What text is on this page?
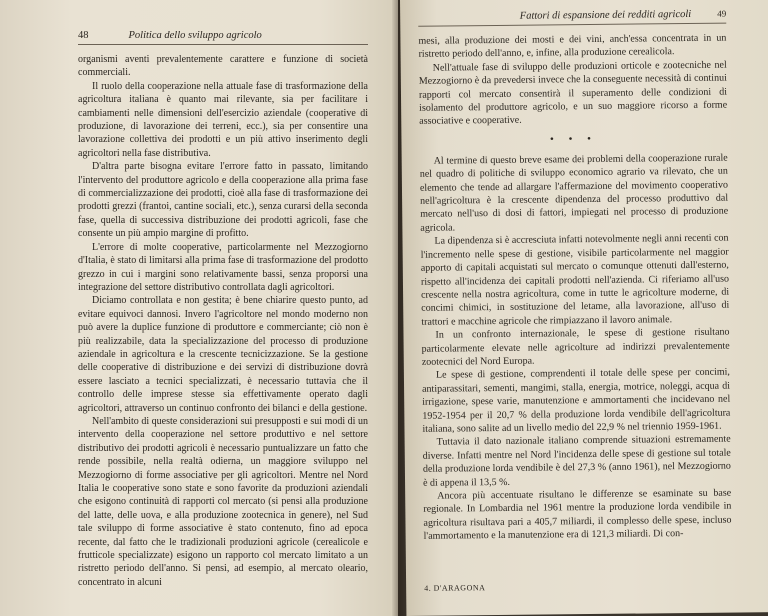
48	Politica dello sviluppo agricolo

organismi aventi prevalentemente carattere e funzione di società commerciali.

Il ruolo della cooperazione nella attuale fase di trasformazione della agricoltura italiana è quanto mai rilevante, sia per facilitare i cambiamenti nelle dimensioni dell'esercizio aziendale (cooperative di produzione, di lavorazione dei terreni, ecc.), sia per consentire una lavorazione collettiva dei prodotti e un più attivo inserimento degli agricoltori nella fase distributiva.

D'altra parte bisogna evitare l'errore fatto in passato, limitando l'intervento del produttore agricolo e della cooperazione alla prima fase di commercializzazione dei prodotti, cioè alla fase di trasformazione dei prodotti grezzi (frantoi, cantine sociali, etc.), senza curarsi della seconda fase, quella di successiva distribuzione dei prodotti agricoli, fase che consente un più ampio margine di profitto.

L'errore di molte cooperative, particolarmente nel Mezzogiorno d'Italia, è stato di limitarsi alla prima fase di trasformazione del prodotto grezzo in cui i margini sono relativamente bassi, senza proporsi una integrazione del settore distributivo controllata dagli agricoltori.

Diciamo controllata e non gestita; è bene chiarire questo punto, ad evitare equivoci dannosi. Invero l'agricoltore nel mondo moderno non può avere la duplice funzione di produttore e commerciante; ciò non è più realizzabile, data la specializzazione del processo di produzione aziendale in agricoltura e la crescente tecnicizzazione. Se la gestione delle cooperative di distribuzione e dei servizi di distribuzione dovrà essere lasciato a tecnici specializzati, è necessario tuttavia che il controllo delle imprese stesse sia effettivamente operato dagli agricoltori, attraverso un continuo confronto dei bilanci e della gestione.

Nell'ambito di queste considerazioni sui presupposti e sui modi di un intervento della cooperazione nel settore produttivo e nel settore distributivo dei prodotti agricoli è necessario puntualizzare un fatto che rende possibile, nella realtà odierna, un maggiore sviluppo nel Mezzogiorno di forme associative per gli agricoltori. Mentre nel Nord Italia le cooperative sono state e sono favorite da produzioni aziendali che esigono continuità di rapporti col mercato (si pensi alla produzione del latte, delle uova, e alla produzione zootecnica in genere), nel Sud tale sviluppo di forme associative è stato contenuto, fino ad epoca recente, dal fatto che le tradizionali produzioni agricole (cerealicole e frutticole specializzate) esigono un rapporto col mercato limitato a un ristretto periodo dell'anno. Si pensi, ad esempio, al mercato oleario, concentrato in alcuni

Fattori di espansione dei redditi agricoli	49

mesi, alla produzione dei mosti e dei vini, anch'essa concentrata in un ristretto periodo dell'anno, e, infine, alla produzione cerealicola.

Nell'attuale fase di sviluppo delle produzioni orticole e zootecniche nel Mezzogiorno è da prevedersi invece che la conseguente necessità di continui rapporti col mercato consentirà il superamento delle condizioni di isolamento del produttore agricolo, e un suo maggiore ricorso a forme associative e cooperative.

• • •

Al termine di questo breve esame dei problemi della cooperazione rurale nel quadro di politiche di sviluppo economico agrario va rilevato, che un elemento che tende ad allargare l'affermazione del movimento cooperativo nell'agricoltura è la crescente dipendenza del processo produttivo dal mercato nell'uso di dosi di fattori, impiegati nel processo di produzione agricola.

La dipendenza si è accresciuta infatti notevolmente negli anni recenti con l'incremento nelle spese di gestione, visibile particolarmente nel maggior apporto di capitali acquistati sul mercato o comunque ottenuti dall'esterno, rispetto all'incidenza dei capitali prodotti nell'azienda. Ci riferiamo all'uso crescente nella nostra agricoltura, come in tutte le agricolture moderne, di concimi chimici, in sostituzione del letame, alla lavorazione, all'uso di trattori e macchine agricole che rimpiazzano il lavoro animale.

In un confronto internazionale, le spese di gestione risultano particolarmente elevate nelle agricolture ad indirizzi prevalentemente zootecnici del Nord Europa.

Le spese di gestione, comprendenti il totale delle spese per concimi, antiparassitari, sementi, mangimi, stalla, energia, motrice, noleggi, acqua di irrigazione, spese varie, manutenzione e ammortamenti che incidevano nel 1952-1954 per il 20,7 % della produzione lorda vendibile dell'agricoltura italiana, sono salite ad un livello medio del 22,9 % nel triennio 1959-1961.

Tuttavia il dato nazionale italiano comprende situazioni estremamente diverse. Infatti mentre nel Nord l'incidenza delle spese di gestione sul totale della produzione lorda vendibile è del 27,3 % (anno 1961), nel Mezzogiorno è di appena il 13,5 %.

Ancora più accentuate risultano le differenze se esaminate su base regionale. In Lombardia nel 1961 mentre la produzione lorda vendibile in agricoltura risultava pari a 405,7 miliardi, il complesso delle spese, incluso l'ammortamento e la manutenzione era di 121,3 miliardi. Di con-

4. D'ARAGONA
